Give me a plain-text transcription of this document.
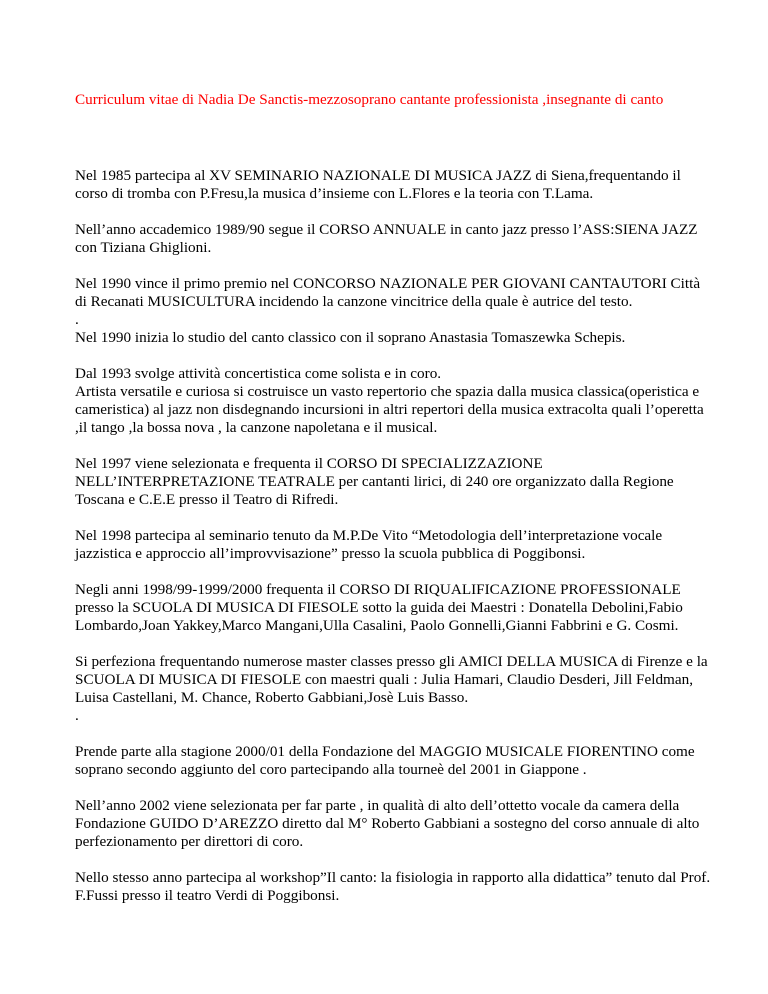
Curriculum vitae di Nadia De Sanctis-mezzosoprano cantante professionista ,insegnante di canto

Nel 1985 partecipa al XV SEMINARIO NAZIONALE DI MUSICA JAZZ di Siena,frequentando il corso di tromba con P.Fresu,la musica d’insieme con L.Flores e la teoria con T.Lama.

Nell’anno accademico 1989/90 segue il CORSO ANNUALE in canto jazz presso l’ASS:SIENA JAZZ con Tiziana Ghiglioni.

Nel 1990 vince il primo premio nel CONCORSO NAZIONALE PER GIOVANI CANTAUTORI Città di Recanati MUSICULTURA incidendo la canzone vincitrice della quale è autrice del testo.

.

Nel 1990 inizia lo studio del canto classico con il soprano Anastasia Tomaszewka Schepis.

Dal 1993 svolge attività concertistica come solista e in coro.

Artista versatile e curiosa si costruisce un vasto repertorio che spazia dalla musica classica(operistica e cameristica) al jazz non disdegnando incursioni in altri repertori della musica extracolta quali l’operetta ,il tango ,la bossa nova , la canzone napoletana e il musical.

Nel 1997 viene selezionata e frequenta il CORSO DI SPECIALIZZAZIONE NELL’INTERPRETAZIONE TEATRALE per cantanti lirici, di 240 ore organizzato dalla Regione Toscana e C.E.E presso il Teatro di Rifredi.

Nel 1998 partecipa al seminario tenuto da M.P.De Vito “Metodologia dell’interpretazione vocale jazzistica e approccio all’improvvisazione” presso la scuola pubblica di Poggibonsi.

Negli anni 1998/99-1999/2000 frequenta il CORSO DI RIQUALIFICAZIONE PROFESSIONALE presso la SCUOLA DI MUSICA DI FIESOLE sotto la guida dei Maestri : Donatella Debolini,Fabio Lombardo,Joan Yakkey,Marco Mangani,Ulla Casalini, Paolo Gonnelli,Gianni Fabbrini e G. Cosmi.

Si perfeziona frequentando numerose master classes presso gli AMICI DELLA MUSICA di Firenze e la SCUOLA DI MUSICA DI FIESOLE con maestri quali : Julia Hamari, Claudio Desderi, Jill Feldman, Luisa Castellani, M. Chance, Roberto Gabbiani,Josè Luis Basso.

.

Prende parte alla stagione 2000/01 della Fondazione del MAGGIO MUSICALE FIORENTINO come soprano secondo aggiunto del coro partecipando alla tourneè del 2001 in Giappone .

Nell’anno 2002 viene selezionata per far parte , in qualità di alto dell’ottetto vocale da camera della Fondazione GUIDO D’AREZZO diretto dal M° Roberto Gabbiani a sostegno del corso annuale di alto perfezionamento per direttori di coro.

Nello stesso anno partecipa al workshop”Il canto: la fisiologia in rapporto alla didattica” tenuto dal Prof. F.Fussi presso il teatro Verdi di Poggibonsi.
